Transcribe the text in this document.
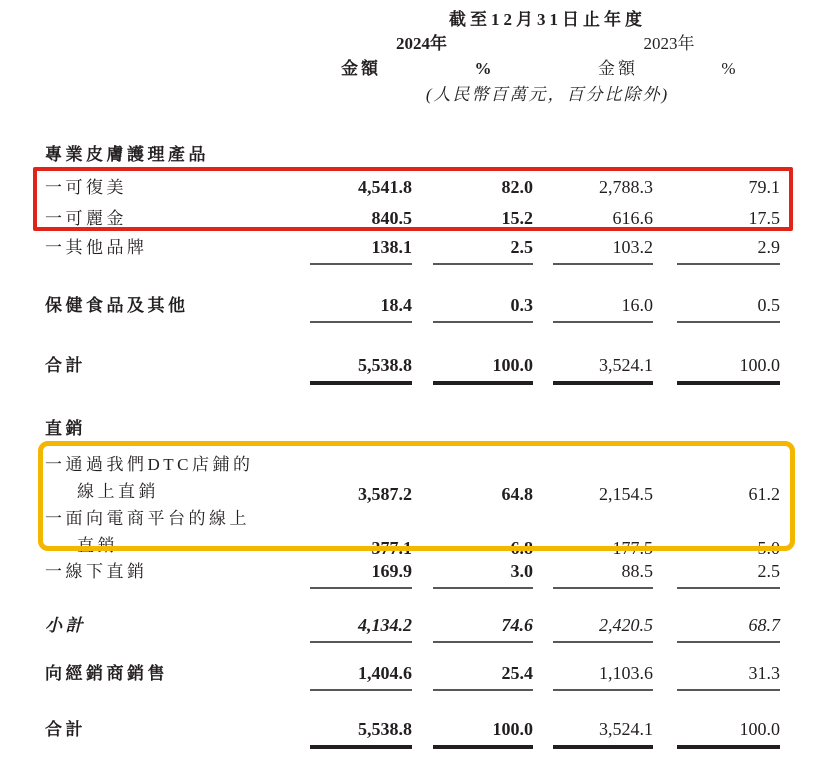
截至12月31日止年度
2024年	2023年
金額	%	金額	%
(人民幣百萬元，百分比除外)
專業皮膚護理產品
一可復美	4,541.8	82.0	2,788.3	79.1
一可麗金	840.5	15.2	616.6	17.5
一其他品牌	138.1	2.5	103.2	2.9
保健食品及其他	18.4	0.3	16.0	0.5
合計	5,538.8	100.0	3,524.1	100.0
直銷
一通過我們DTC店鋪的
線上直銷	3,587.2	64.8	2,154.5	61.2
一面向電商平台的線上
直銷	377.1	6.8	177.5	5.0
一線下直銷	169.9	3.0	88.5	2.5
小計	4,134.2	74.6	2,420.5	68.7
向經銷商銷售	1,404.6	25.4	1,103.6	31.3
合計	5,538.8	100.0	3,524.1	100.0
